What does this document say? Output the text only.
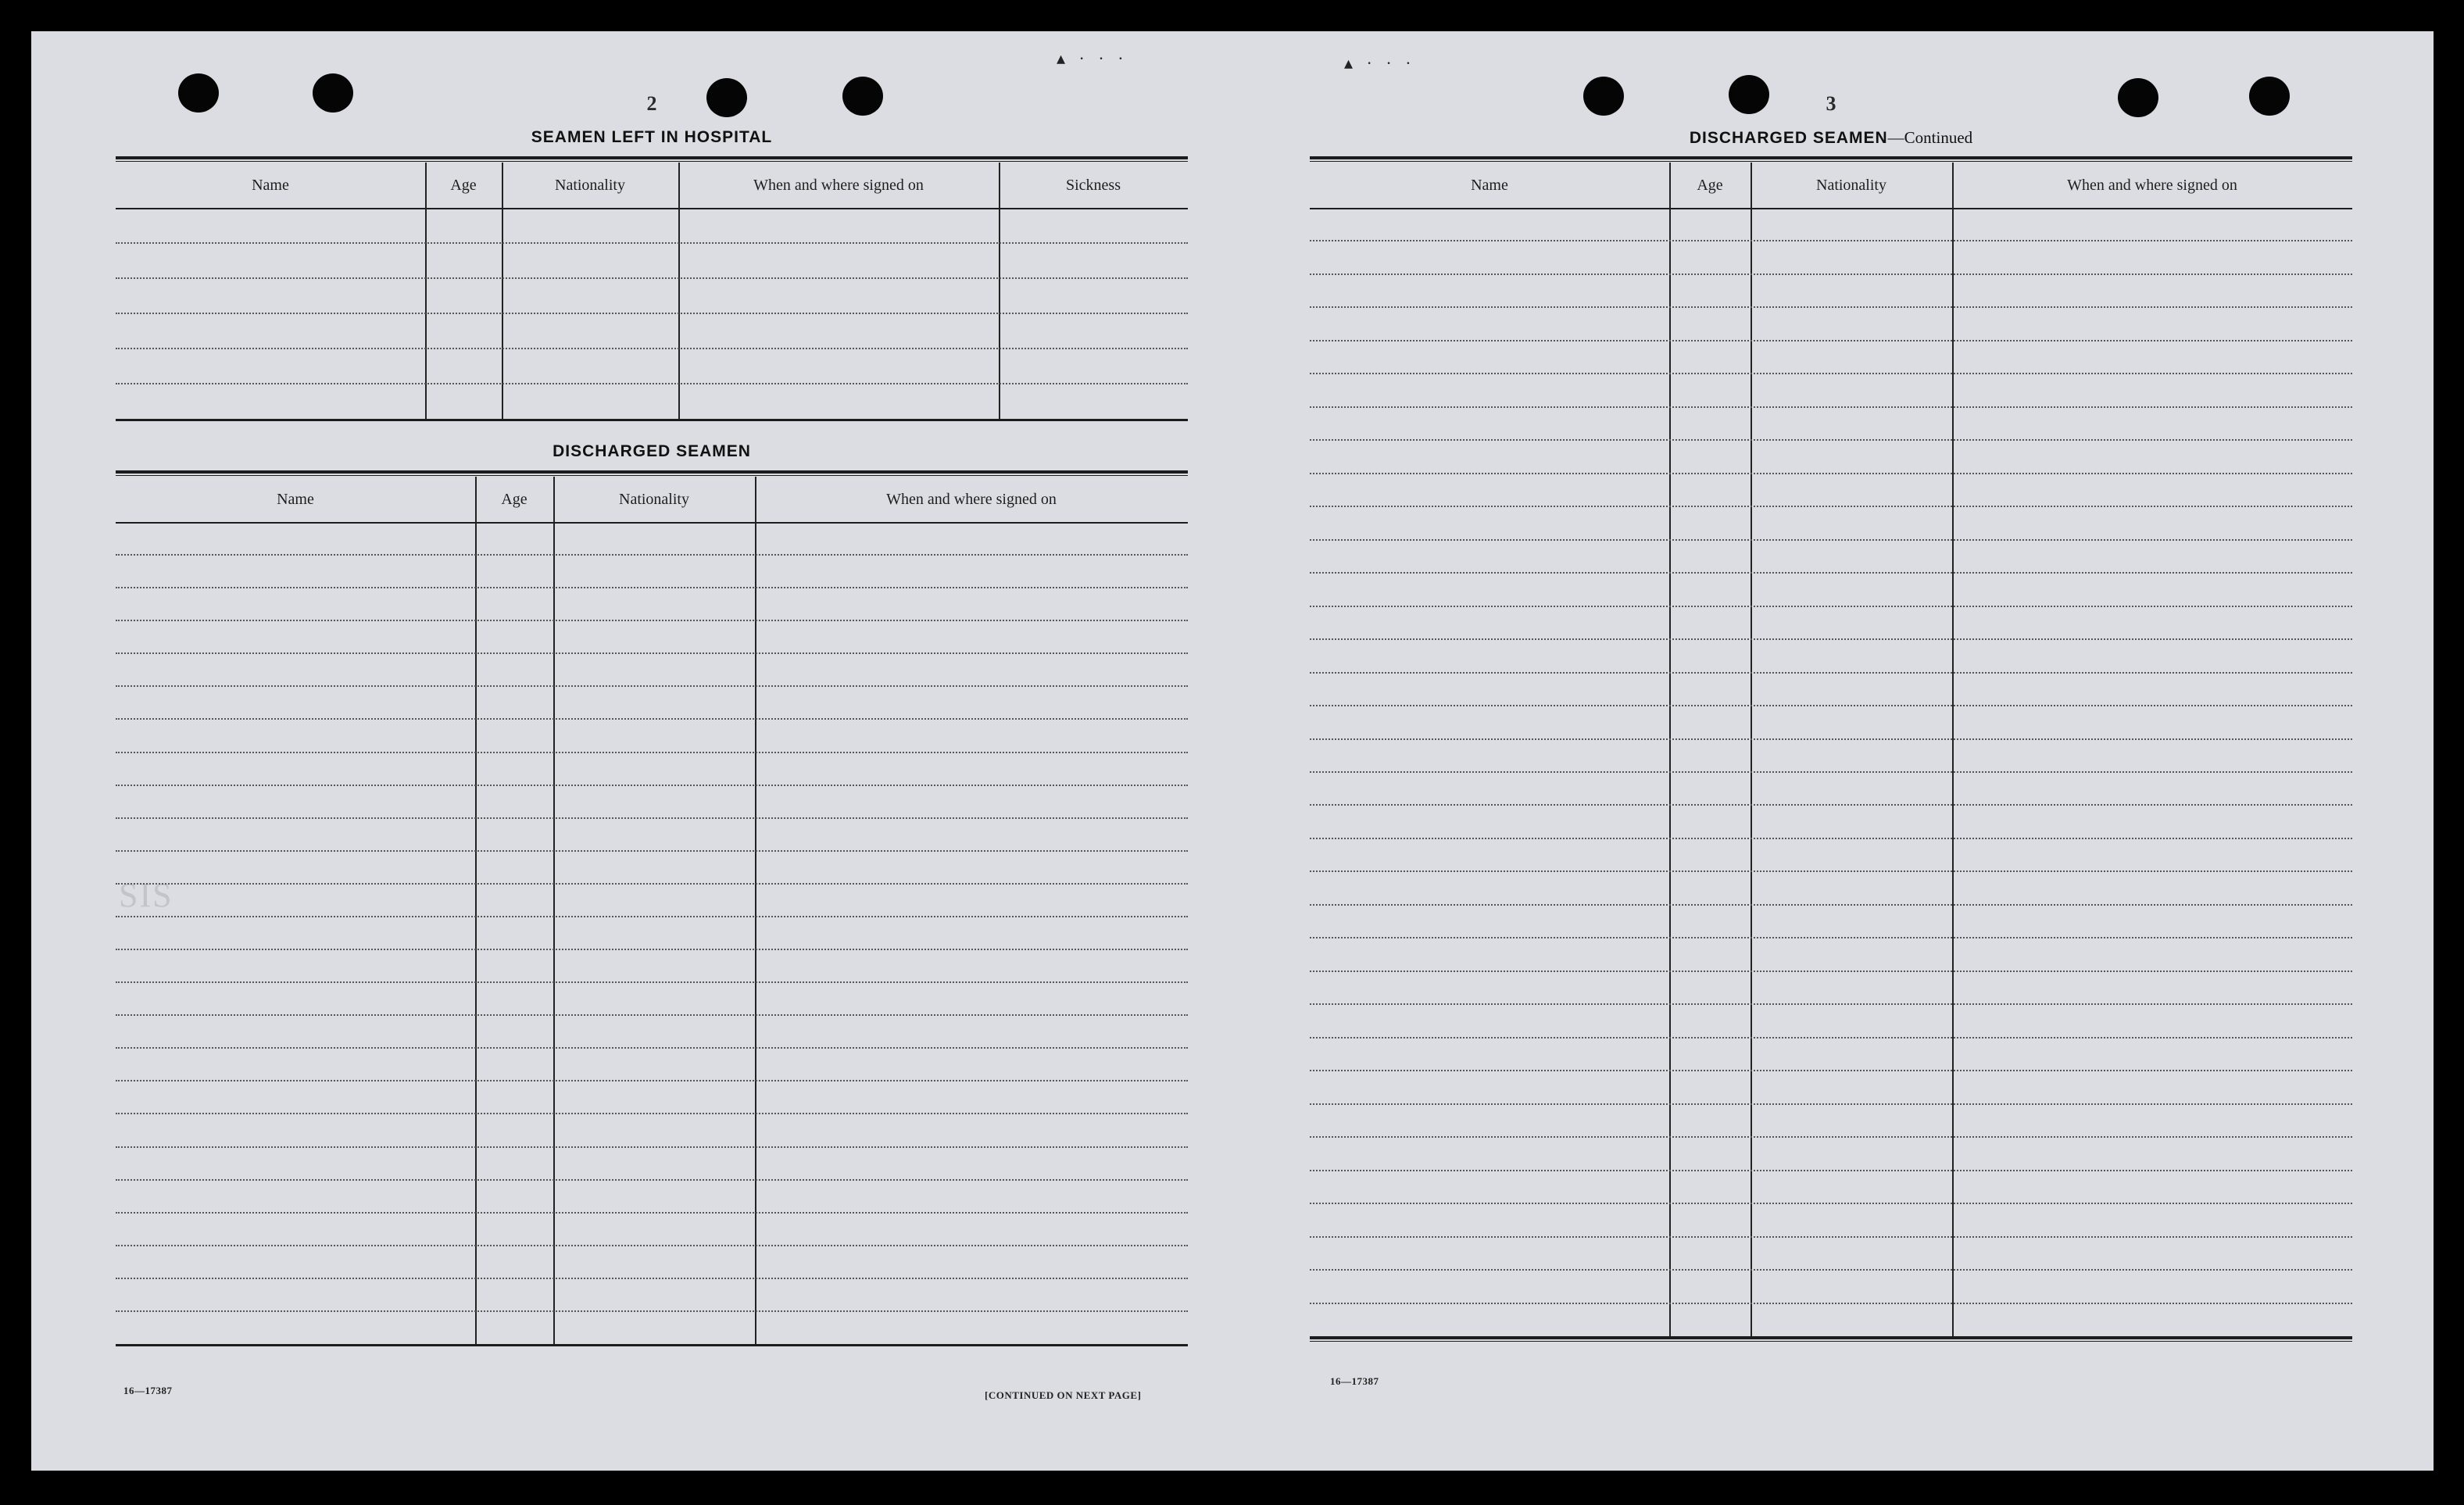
▴ · · ·	▴ · · ·
SIS
2
SEAMEN LEFT IN HOSPITAL
Name	Age	Nationality	When and where signed on	Sickness
DISCHARGED SEAMEN
Name	Age	Nationality	When and where signed on
16—17387	[CONTINUED ON NEXT PAGE]
3
DISCHARGED SEAMEN—Continued
Name	Age	Nationality	When and where signed on
16—17387
